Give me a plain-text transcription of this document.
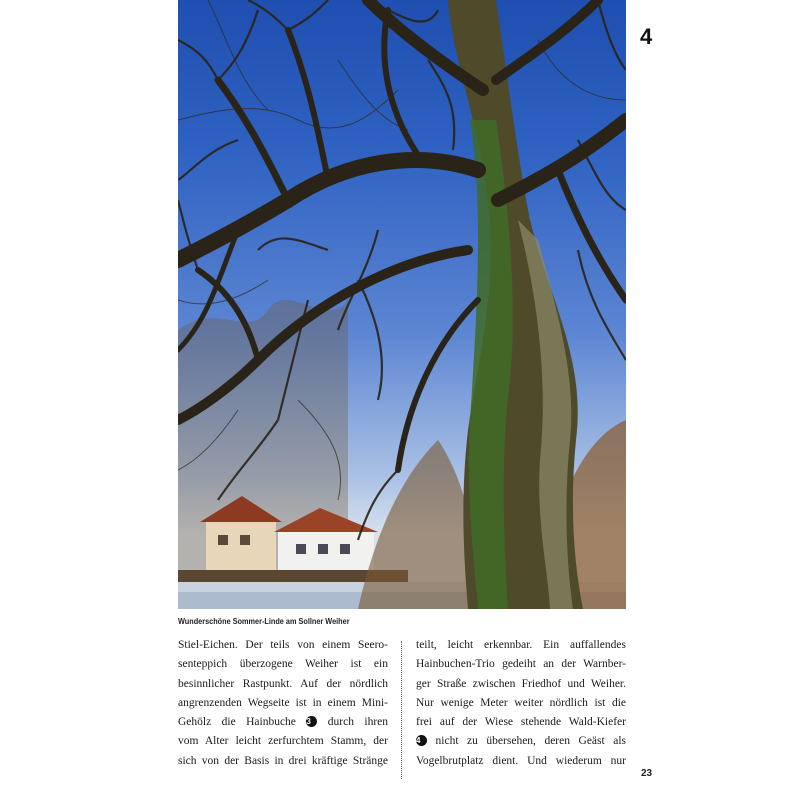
4
Wunderschöne Sommer-Linde am Sollner Weiher
Stiel-Eichen. Der teils von einem Seero-
senteppich überzogene Weiher ist ein
besinnlicher Rastpunkt. Auf der nördlich
angrenzenden Wegseite ist in einem Mini-
Gehölz die Hainbuche 3 durch ihren
vom Alter leicht zerfurchtem Stamm, der
sich von der Basis in drei kräftige Stränge
teilt, leicht erkennbar. Ein auffallendes
Hainbuchen-Trio gedeiht an der Warnber-
ger Straße zwischen Friedhof und Weiher.
Nur wenige Meter weiter nördlich ist die
frei auf der Wiese stehende Wald-Kiefer
4 nicht zu übersehen, deren Geäst als
Vogelbrutplatz dient. Und wiederum nur
23
